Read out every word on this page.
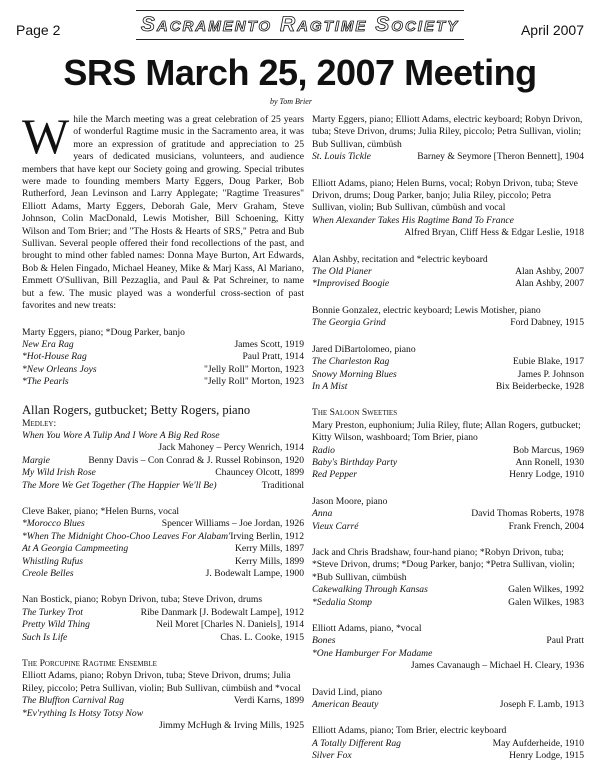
Page 2	Sacramento Ragtime Society	April 2007
SRS March 25, 2007 Meeting
by Tom Brier

While the March meeting was a great celebration of 25 years of wonderful Ragtime music in the Sacramento area, it was more an expression of gratitude and appreciation to 25 years of dedicated musicians, volunteers, and audience members that have kept our Society going and growing. Special tributes were made to founding members Marty Eggers, Doug Parker, Bob Rutherford, Jean Levinson and Larry Applegate; "Ragtime Treasures" Elliott Adams, Marty Eggers, Deborah Gale, Merv Graham, Steve Johnson, Colin MacDonald, Lewis Motisher, Bill Schoening, Kitty Wilson and Tom Brier; and "The Hosts & Hearts of SRS," Petra and Bub Sullivan. Several people offered their fond recollections of the past, and brought to mind other fabled names: Donna Maye Burton, Art Edwards, Bob & Helen Fingado, Michael Heaney, Mike & Marj Kass, Al Mariano, Emmett O'Sullivan, Bill Pezzaglia, and Paul & Pat Schreiner, to name but a few. The music played was a wonderful cross-section of past favorites and new treats:

Marty Eggers, piano; *Doug Parker, banjo

New Era Rag	James Scott, 1919
*Hot-House Rag	Paul Pratt, 1914
*New Orleans Joys	"Jelly Roll" Morton, 1923
*The Pearls	"Jelly Roll" Morton, 1923

Allan Rogers, gutbucket; Betty Rogers, piano

Medley:

When You Wore A Tulip And I Wore A Big Red Rose
Jack Mahoney – Percy Wenrich, 1914
Margie	Benny Davis – Con Conrad & J. Russel Robinson, 1920
My Wild Irish Rose	Chauncey Olcott, 1899
The More We Get Together (The Happier We'll Be)	Traditional

Cleve Baker, piano; *Helen Burns, vocal

*Morocco Blues	Spencer Williams – Joe Jordan, 1926
*When The Midnight Choo-Choo Leaves For Alabam' Irving Berlin, 1912
At A Georgia Campmeeting	Kerry Mills, 1897
Whistling Rufus	Kerry Mills, 1899
Creole Belles	J. Bodewalt Lampe, 1900

Nan Bostick, piano; Robyn Drivon, tuba; Steve Drivon, drums

The Turkey Trot	Ribe Danmark [J. Bodewalt Lampe], 1912
Pretty Wild Thing	Neil Moret [Charles N. Daniels], 1914
Such Is Life	Chas. L. Cooke, 1915

The Porcupine Ragtime Ensemble

Elliott Adams, piano; Robyn Drivon, tuba; Steve Drivon, drums; Julia Riley, piccolo; Petra Sullivan, violin; Bub Sullivan, cümbüsh and *vocal

The Bluffton Carnival Rag	Verdi Karns, 1899
*Ev'rything Is Hotsy Totsy Now
Jimmy McHugh & Irving Mills, 1925

Marty Eggers, piano; Elliott Adams, electric keyboard; Robyn Drivon, tuba; Steve Drivon, drums; Julia Riley, piccolo; Petra Sullivan, violin; Bub Sullivan, cümbüsh

St. Louis Tickle	Barney & Seymore [Theron Bennett], 1904

Elliott Adams, piano; Helen Burns, vocal; Robyn Drivon, tuba; Steve Drivon, drums; Doug Parker, banjo; Julia Riley, piccolo; Petra Sullivan, violin; Bub Sullivan, cümbüsh and vocal

When Alexander Takes His Ragtime Band To France
Alfred Bryan, Cliff Hess & Edgar Leslie, 1918

Alan Ashby, recitation and *electric keyboard

The Old Pianer	Alan Ashby, 2007
*Improvised Boogie	Alan Ashby, 2007

Bonnie Gonzalez, electric keyboard; Lewis Motisher, piano

The Georgia Grind	Ford Dabney, 1915

Jared DiBartolomeo, piano

The Charleston Rag	Eubie Blake, 1917
Snowy Morning Blues	James P. Johnson
In A Mist	Bix Beiderbecke, 1928

The Saloon Sweeties

Mary Preston, euphonium; Julia Riley, flute; Allan Rogers, gutbucket; Kitty Wilson, washboard; Tom Brier, piano

Radio	Bob Marcus, 1969
Baby's Birthday Party	Ann Ronell, 1930
Red Pepper	Henry Lodge, 1910

Jason Moore, piano

Anna	David Thomas Roberts, 1978
Vieux Carré	Frank French, 2004

Jack and Chris Bradshaw, four-hand piano; *Robyn Drivon, tuba; *Steve Drivon, drums; *Doug Parker, banjo; *Petra Sullivan, violin; *Bub Sullivan, cümbüsh

Cakewalking Through Kansas	Galen Wilkes, 1992
*Sedalia Stomp	Galen Wilkes, 1983

Elliott Adams, piano, *vocal

Bones	Paul Pratt
*One Hamburger For Madame
James Cavanaugh – Michael H. Cleary, 1936

David Lind, piano

American Beauty	Joseph F. Lamb, 1913

Elliott Adams, piano; Tom Brier, electric keyboard

A Totally Different Rag	May Aufderheide, 1910
Silver Fox	Henry Lodge, 1915
